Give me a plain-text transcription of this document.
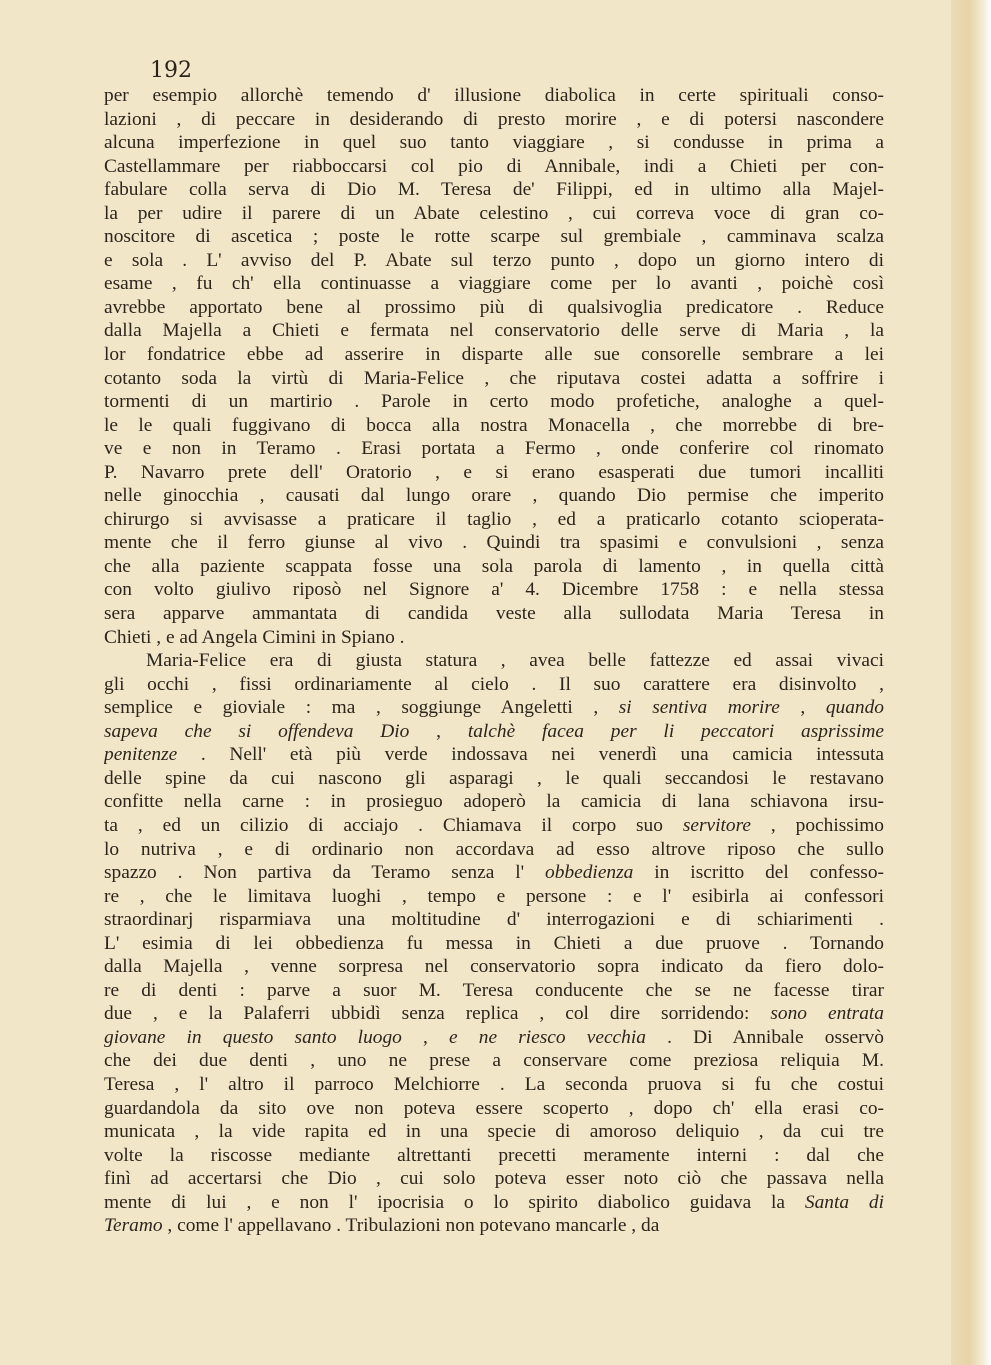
192

per esempio allorchè temendo d' illusione diabolica in certe spirituali conso-
lazioni , di peccare in desiderando di presto morire , e di potersi nascondere
alcuna imperfezione in quel suo tanto viaggiare , si condusse in prima a
Castellammare per riabboccarsi col pio di Annibale, indi a Chieti per con-
fabulare colla serva di Dio M. Teresa de' Filippi, ed in ultimo alla Majel-
la per udire il parere di un Abate celestino , cui correva voce di gran co-
noscitore di ascetica ; poste le rotte scarpe sul grembiale , camminava scalza
e sola . L' avviso del P. Abate sul terzo punto , dopo un giorno intero di
esame , fu ch' ella continuasse a viaggiare come per lo avanti , poichè così
avrebbe apportato bene al prossimo più di qualsivoglia predicatore . Reduce
dalla Majella a Chieti e fermata nel conservatorio delle serve di Maria , la
lor fondatrice ebbe ad asserire in disparte alle sue consorelle sembrare a lei
cotanto soda la virtù di Maria-Felice , che riputava costei adatta a soffrire i
tormenti di un martirio . Parole in certo modo profetiche, analoghe a quel-
le le quali fuggivano di bocca alla nostra Monacella , che morrebbe di bre-
ve e non in Teramo . Erasi portata a Fermo , onde conferire col rinomato
P. Navarro prete dell' Oratorio , e si erano esasperati due tumori incalliti
nelle ginocchia , causati dal lungo orare , quando Dio permise che imperito
chirurgo si avvisasse a praticare il taglio , ed a praticarlo cotanto scioperata-
mente che il ferro giunse al vivo . Quindi tra spasimi e convulsioni , senza
che alla paziente scappata fosse una sola parola di lamento , in quella città
con volto giulivo riposò nel Signore a' 4. Dicembre 1758 : e nella stessa
sera apparve ammantata di candida veste alla sullodata Maria Teresa in
Chieti , e ad Angela Cimini in Spiano .
Maria-Felice era di giusta statura , avea belle fattezze ed assai vivaci
gli occhi , fissi ordinariamente al cielo . Il suo carattere era disinvolto ,
semplice e gioviale : ma , soggiunge Angeletti , si sentiva morire , quando
sapeva che si offendeva Dio , talchè facea per li peccatori asprissime
penitenze . Nell' età più verde indossava nei venerdì una camicia intessuta
delle spine da cui nascono gli asparagi , le quali seccandosi le restavano
confitte nella carne : in prosieguo adoperò la camicia di lana schiavona irsu-
ta , ed un cilizio di acciajo . Chiamava il corpo suo servitore , pochissimo
lo nutriva , e di ordinario non accordava ad esso altrove riposo che sullo
spazzo . Non partiva da Teramo senza l' obbedienza in iscritto del confesso-
re , che le limitava luoghi , tempo e persone : e l' esibirla ai confessori
straordinarj risparmiava una moltitudine d' interrogazioni e di schiarimenti .
L' esimia di lei obbedienza fu messa in Chieti a due pruove . Tornando
dalla Majella , venne sorpresa nel conservatorio sopra indicato da fiero dolo-
re di denti : parve a suor M. Teresa conducente che se ne facesse tirar
due , e la Palaferri ubbidì senza replica , col dire sorridendo: sono entrata
giovane in questo santo luogo , e ne riesco vecchia . Di Annibale osservò
che dei due denti , uno ne prese a conservare come preziosa reliquia M.
Teresa , l' altro il parroco Melchiorre . La seconda pruova si fu che costui
guardandola da sito ove non poteva essere scoperto , dopo ch' ella erasi co-
municata , la vide rapita ed in una specie di amoroso deliquio , da cui tre
volte la riscosse mediante altrettanti precetti meramente interni : dal che
finì ad accertarsi che Dio , cui solo poteva esser noto ciò che passava nella
mente di lui , e non l' ipocrisia o lo spirito diabolico guidava la Santa di
Teramo , come l' appellavano . Tribulazioni non potevano mancarle , da
